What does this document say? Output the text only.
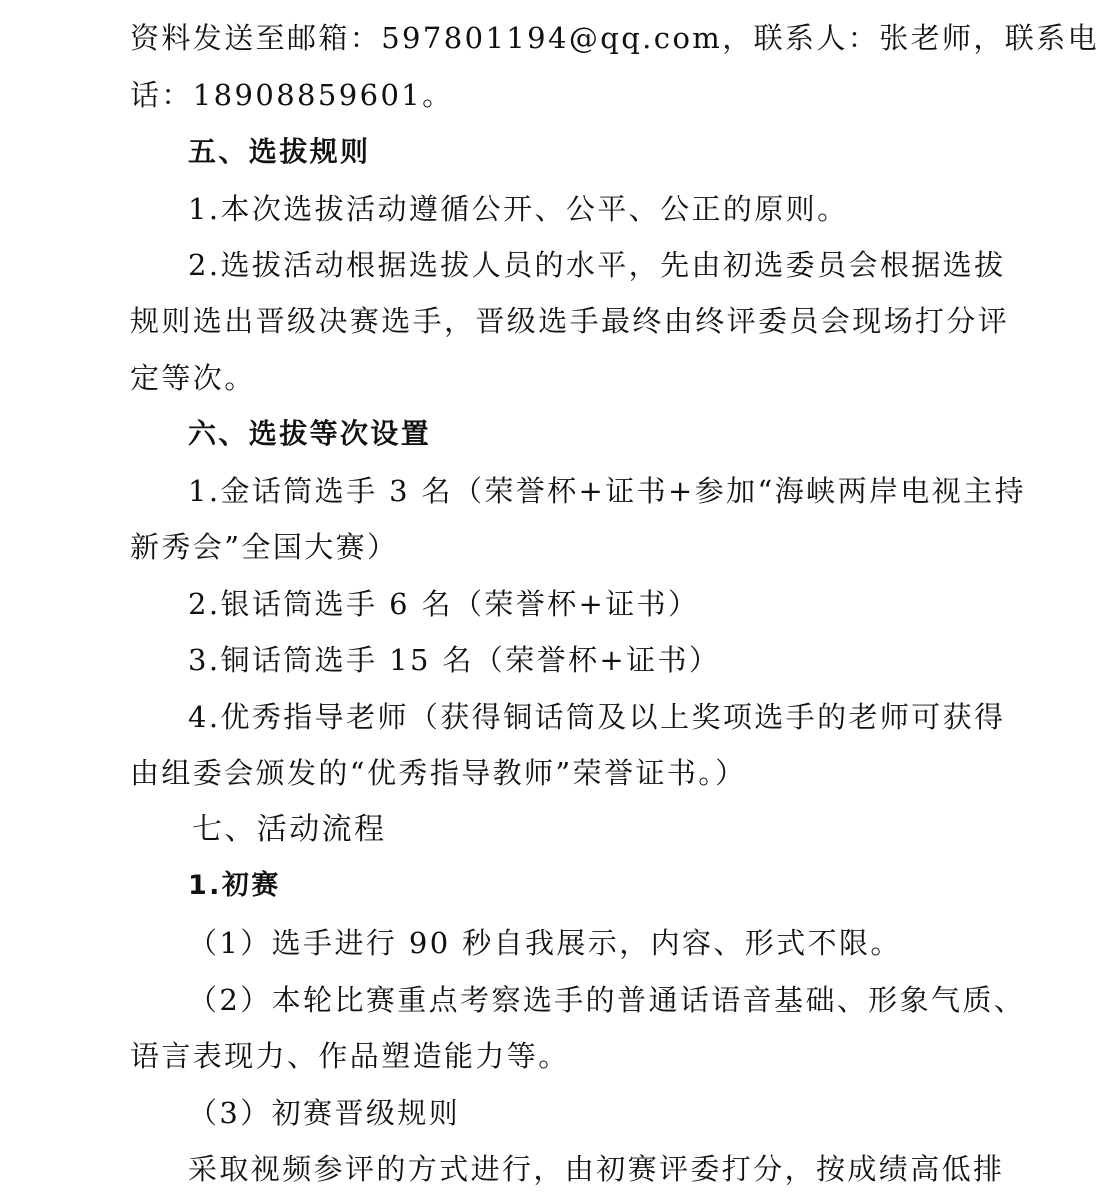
资料发送至邮箱：597801194@qq.com，联系人：张老师，联系电

话：18908859601。

五、选拔规则

1.本次选拔活动遵循公开、公平、公正的原则。

2.选拔活动根据选拔人员的水平，先由初选委员会根据选拔

规则选出晋级决赛选手，晋级选手最终由终评委员会现场打分评

定等次。

六、选拔等次设置

1.金话筒选手 3 名（荣誉杯+证书+参加“海峡两岸电视主持

新秀会”全国大赛）

2.银话筒选手 6 名（荣誉杯+证书）

3.铜话筒选手 15 名（荣誉杯+证书）

4.优秀指导老师（获得铜话筒及以上奖项选手的老师可获得

由组委会颁发的“优秀指导教师”荣誉证书。）

七、活动流程
1.初赛

（1）选手进行 90 秒自我展示，内容、形式不限。

（2）本轮比赛重点考察选手的普通话语音基础、形象气质、

语言表现力、作品塑造能力等。

（3）初赛晋级规则

采取视频参评的方式进行，由初赛评委打分，按成绩高低排
